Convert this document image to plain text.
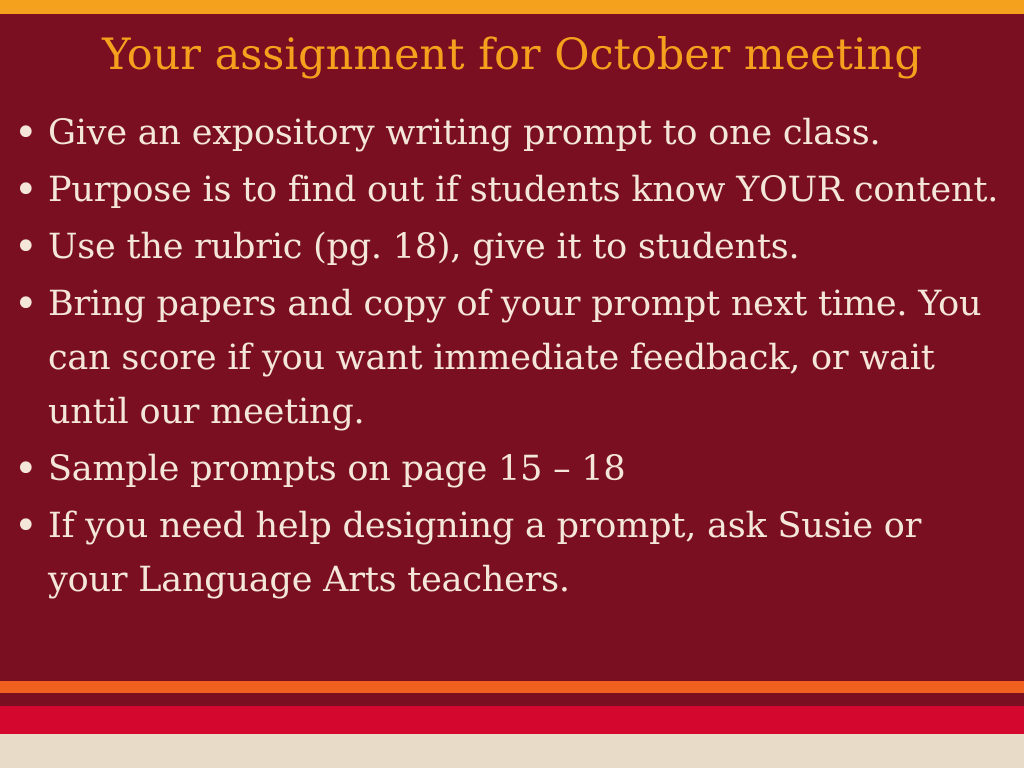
Your assignment for October meeting
• Give an expository writing prompt to one class.
• Purpose is to find out if students know YOUR content.
• Use the rubric (pg. 18), give it to students.
• Bring papers and copy of your prompt next time. You can score if you want immediate feedback, or wait until our meeting.
• Sample prompts on page 15 – 18
• If you need help designing a prompt, ask Susie or your Language Arts teachers.
